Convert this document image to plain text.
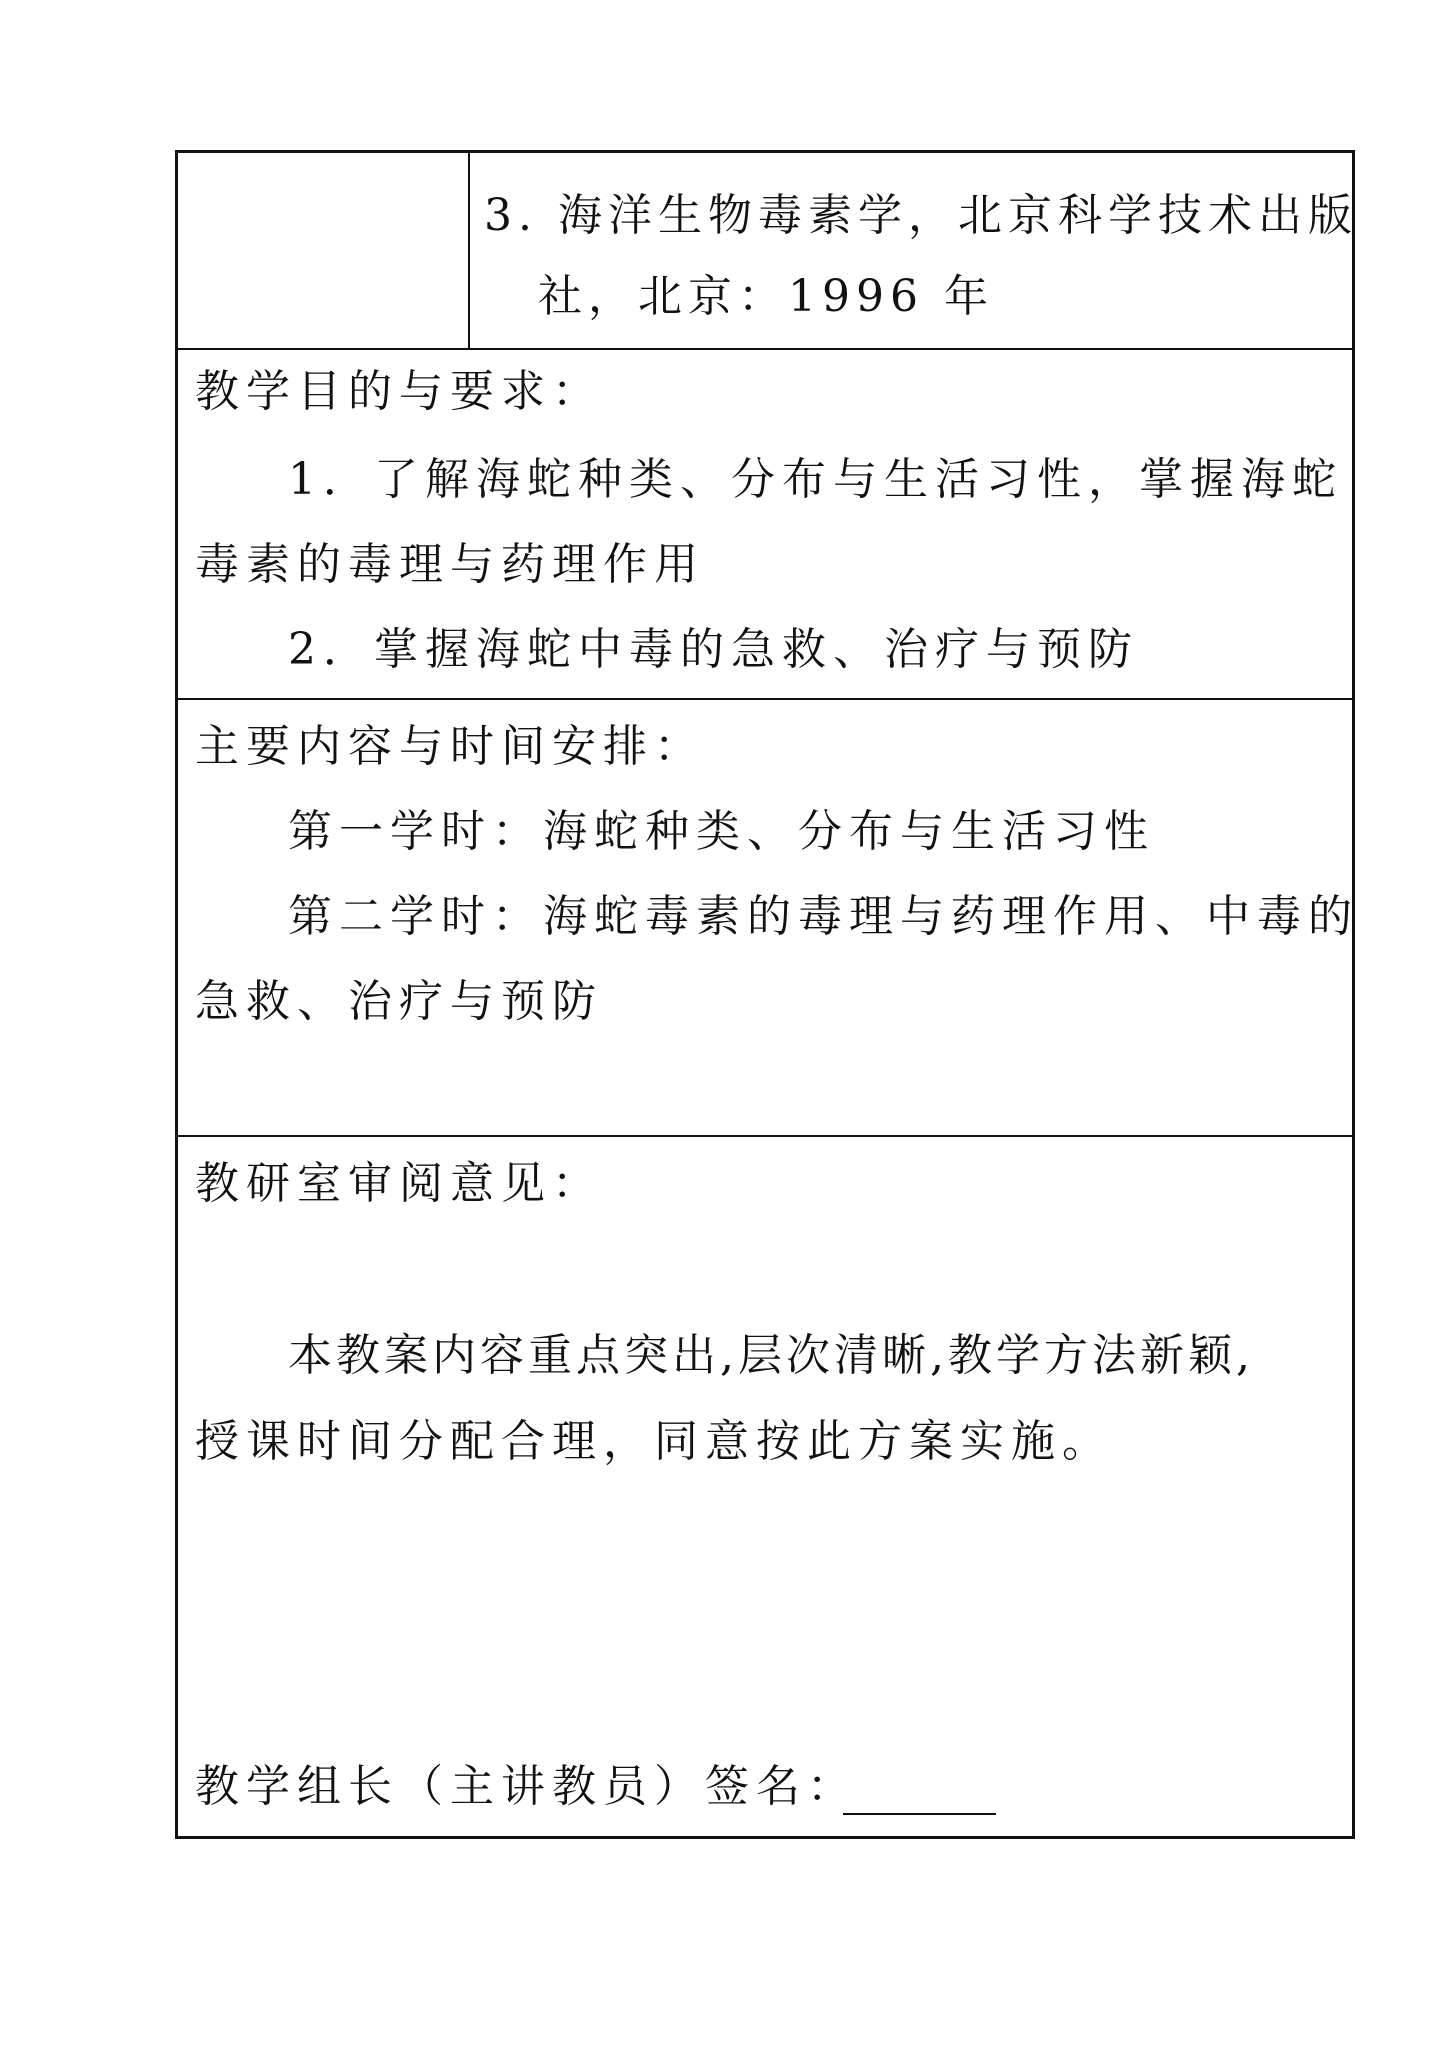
3. 海洋生物毒素学，北京科学技术出版
社，北京：1996 年
教学目的与要求：
1．了解海蛇种类、分布与生活习性，掌握海蛇
毒素的毒理与药理作用
2．掌握海蛇中毒的急救、治疗与预防
主要内容与时间安排：
第一学时：海蛇种类、分布与生活习性
第二学时：海蛇毒素的毒理与药理作用、中毒的
急救、治疗与预防
教研室审阅意见：
本教案内容重点突出,层次清晰,教学方法新颖,
授课时间分配合理，同意按此方案实施。
教学组长（主讲教员）签名：
